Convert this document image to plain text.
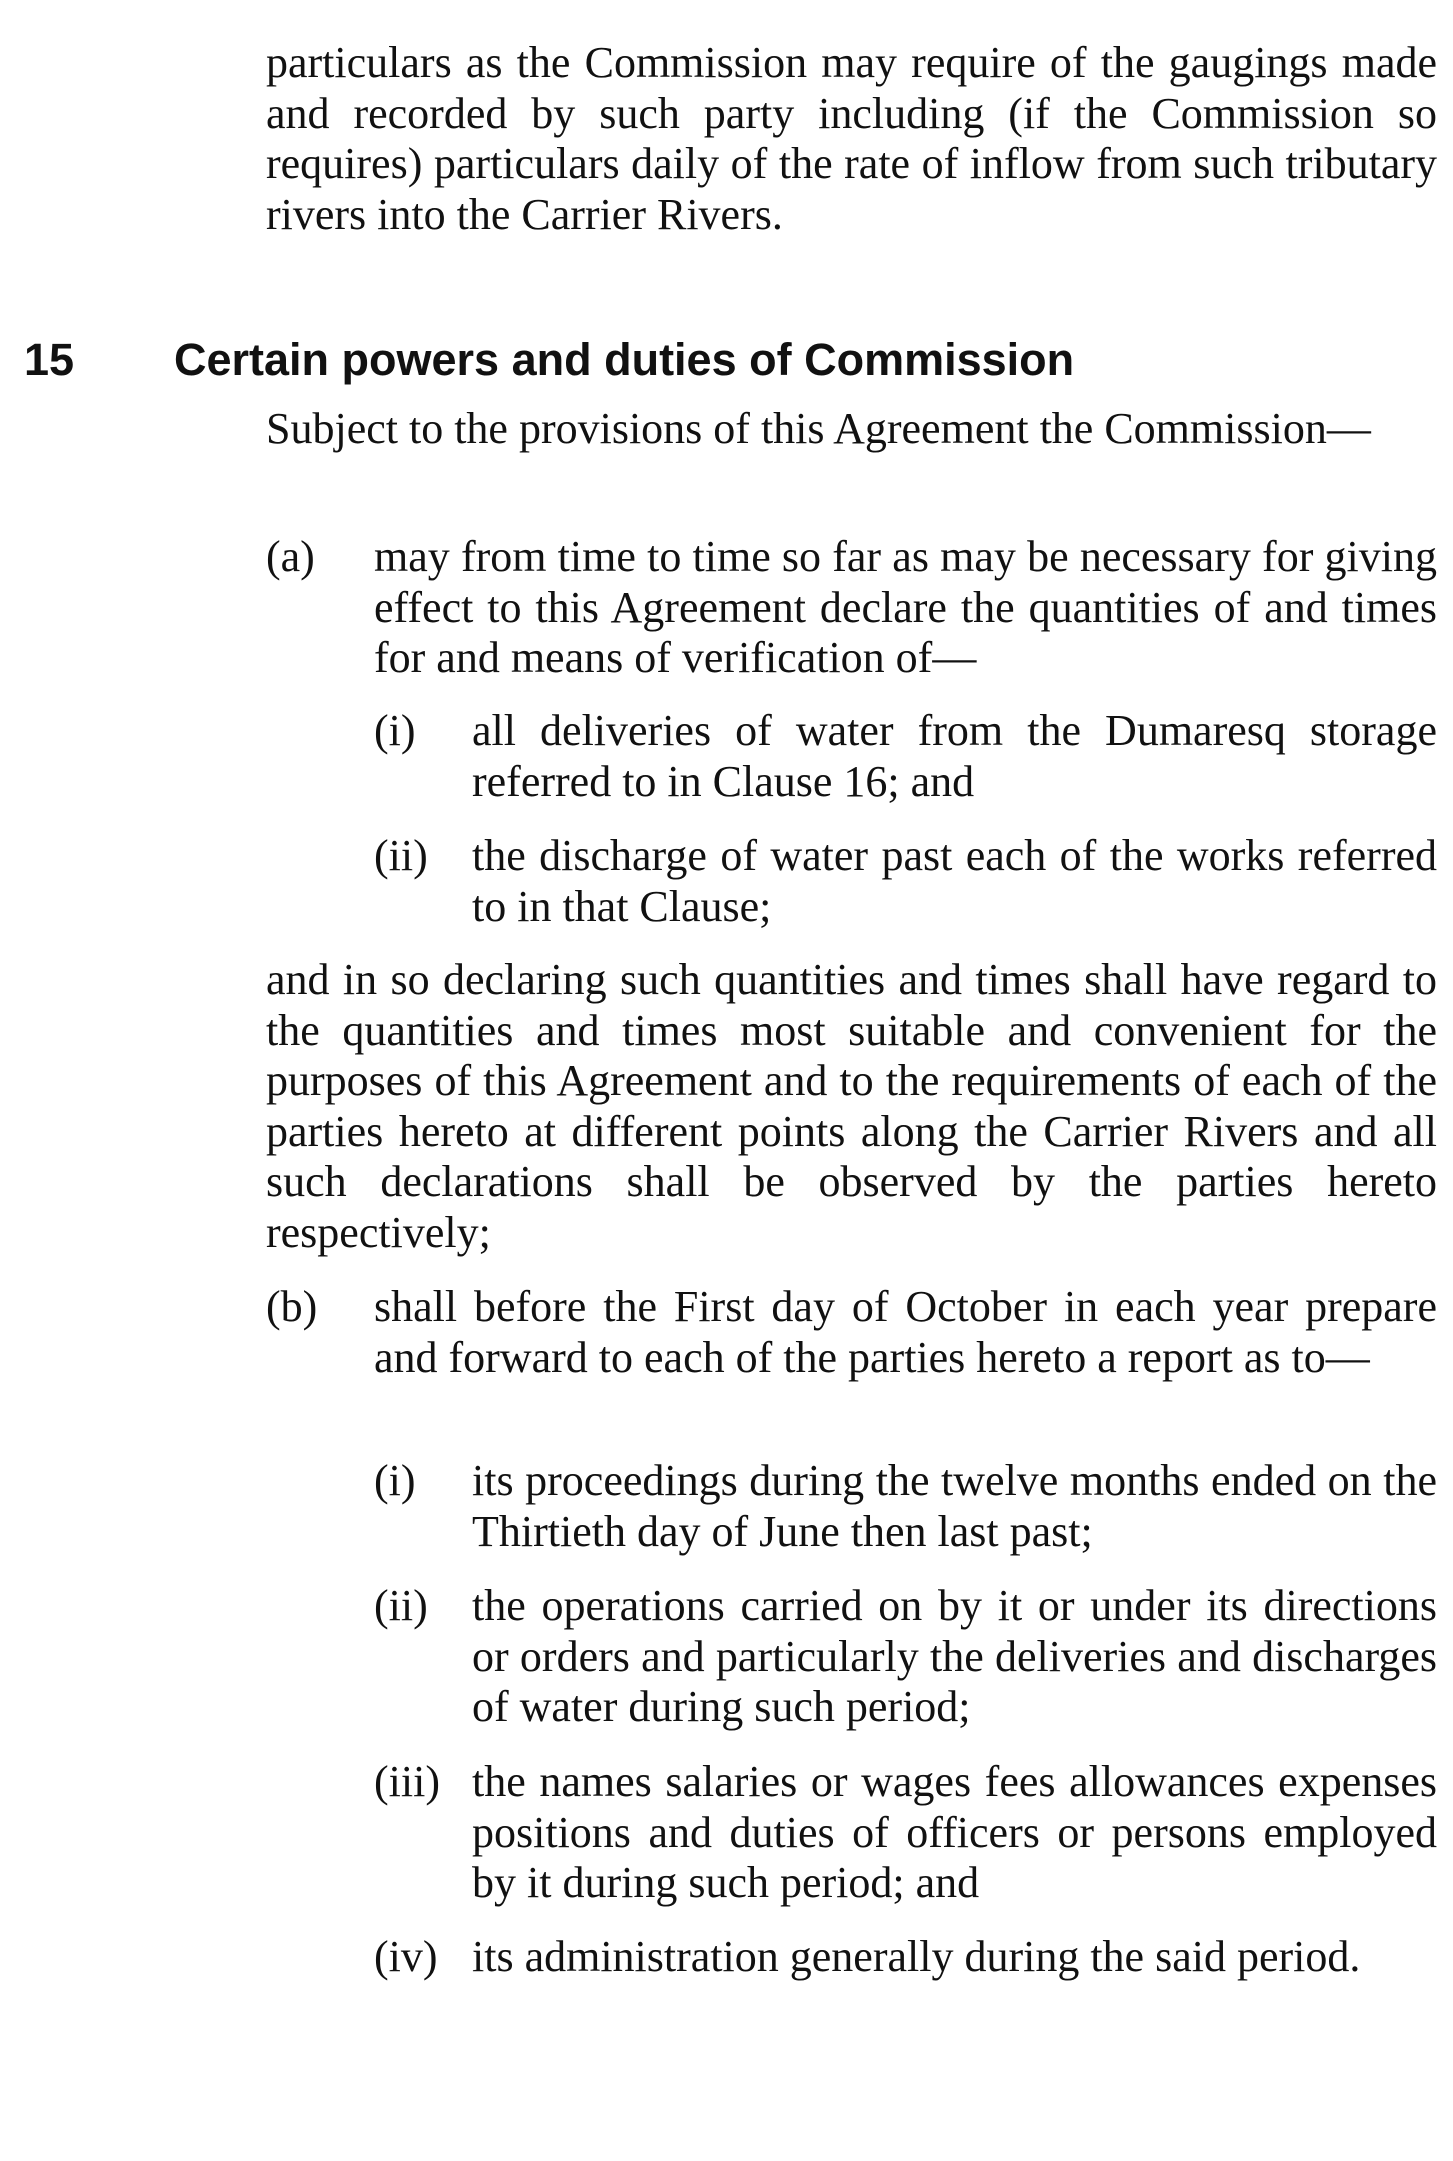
particulars as the Commission may require of the gaugings made and recorded by such party including (if the Commission so requires) particulars daily of the rate of inflow from such tributary rivers into the Carrier Rivers.

15 Certain powers and duties of Commission

Subject to the provisions of this Agreement the Commission—

(a) may from time to time so far as may be necessary for giving effect to this Agreement declare the quantities of and times for and means of verification of—
(i) all deliveries of water from the Dumaresq storage referred to in Clause 16; and
(ii) the discharge of water past each of the works referred to in that Clause;
and in so declaring such quantities and times shall have regard to the quantities and times most suitable and convenient for the purposes of this Agreement and to the requirements of each of the parties hereto at different points along the Carrier Rivers and all such declarations shall be observed by the parties hereto respectively;
(b) shall before the First day of October in each year prepare and forward to each of the parties hereto a report as to—
(i) its proceedings during the twelve months ended on the Thirtieth day of June then last past;
(ii) the operations carried on by it or under its directions or orders and particularly the deliveries and discharges of water during such period;
(iii) the names salaries or wages fees allowances expenses positions and duties of officers or persons employed by it during such period; and
(iv) its administration generally during the said period.
